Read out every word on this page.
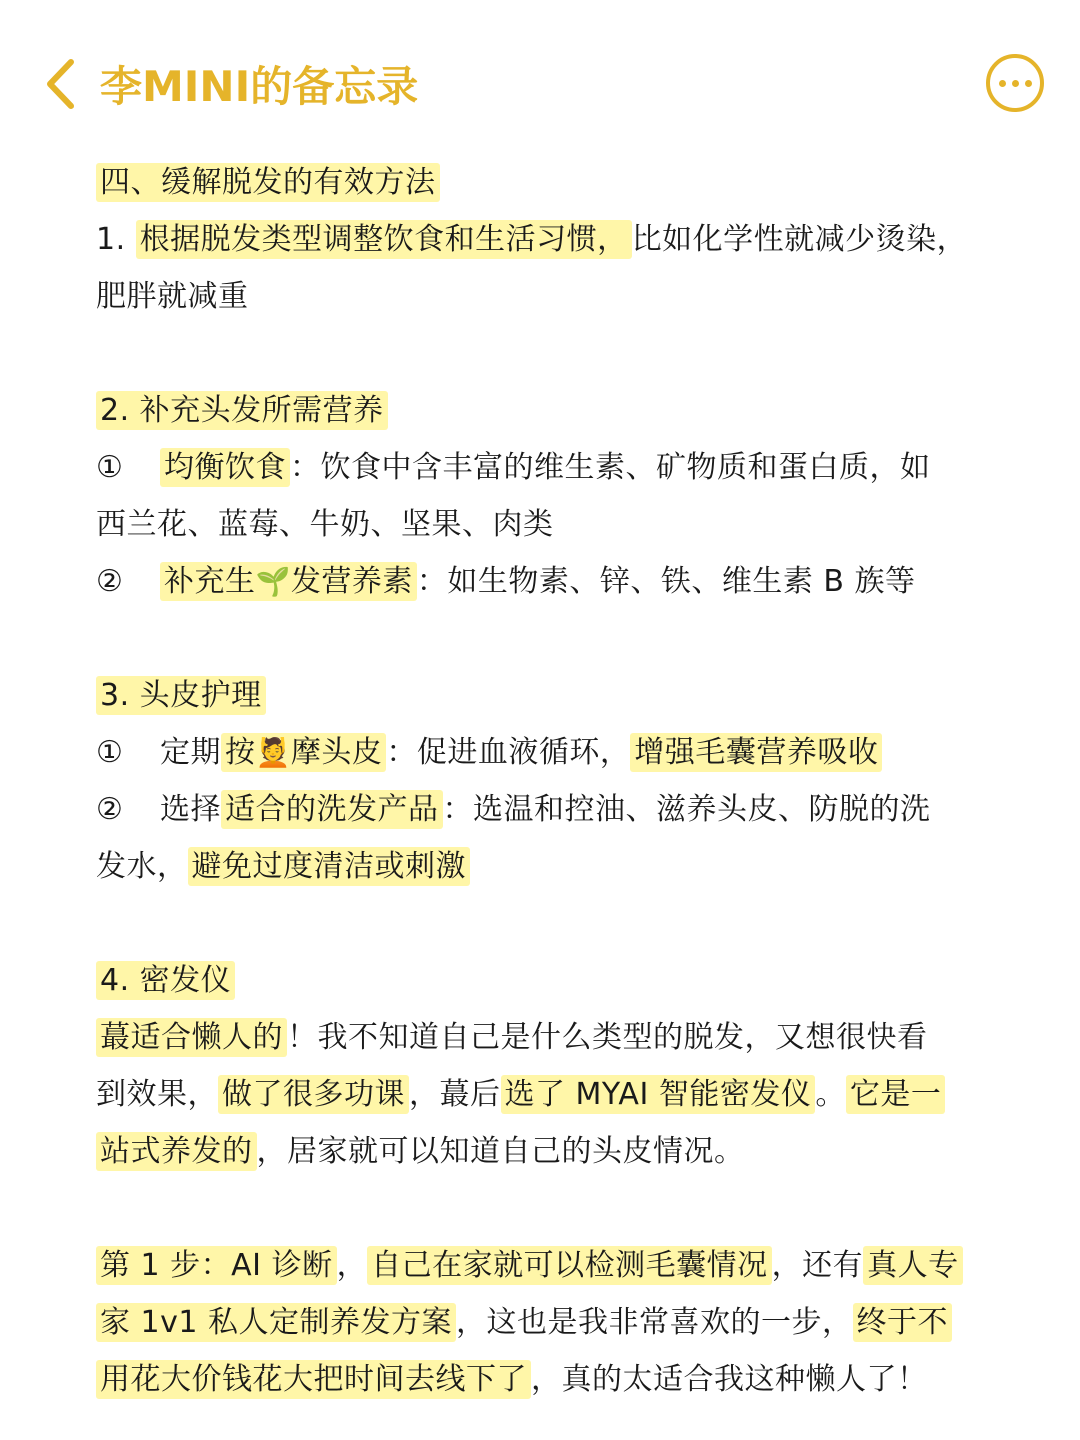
李MINI的备忘录

四、缓解脱发的有效方法

1. 根据脱发类型调整饮食和生活习惯， 比如化学性就减少烫染，
肥胖就减重

2. 补充头发所需营养

① 均衡饮食 ：饮食中含丰富的维生素、矿物质和蛋白质，如
西兰花、蓝莓、牛奶、坚果、肉类

② 补充生🌱发营养素 ：如生物素、锌、铁、维生素 B 族等

3. 头皮护理

① 定期 按💆摩头皮 ：促进血液循环， 增强毛囊营养吸收

② 选择 适合的洗发产品 ：选温和控油、滋养头皮、防脱的洗
发水， 避免过度清洁或刺激

4. 密发仪

蕞适合懒人的 ！我不知道自己是什么类型的脱发，又想很快看
到效果， 做了很多功课 ，蕞后 选了 MYAI 智能密发仪 。 它是一
站式养发的 ，居家就可以知道自己的头皮情况。

第 1 步：AI 诊断 ， 自己在家就可以检测毛囊情况 ，还有 真人专
家 1v1 私人定制养发方案 ，这也是我非常喜欢的一步， 终于不
用花大价钱花大把时间去线下了 ，真的太适合我这种懒人了！
